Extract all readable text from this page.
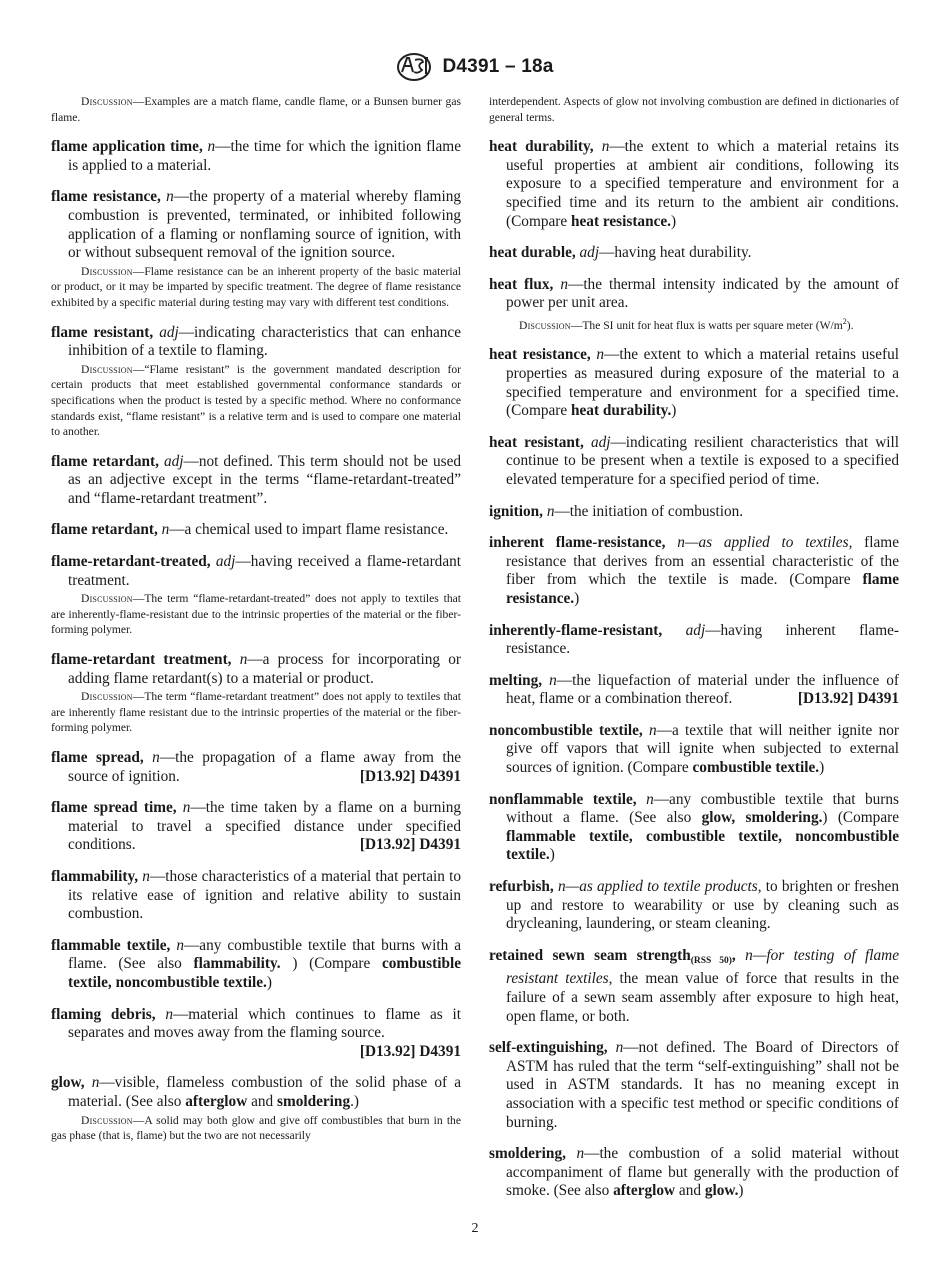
D4391 – 18a

Discussion—Examples are a match flame, candle flame, or a Bunsen burner gas flame.

flame application time, n—the time for which the ignition flame is applied to a material.

flame resistance, n—the property of a material whereby flaming combustion is prevented, terminated, or inhibited following application of a flaming or nonflaming source of ignition, with or without subsequent removal of the ignition source.

Discussion—Flame resistance can be an inherent property of the basic material or product, or it may be imparted by specific treatment. The degree of flame resistance exhibited by a specific material during testing may vary with different test conditions.

flame resistant, adj—indicating characteristics that can enhance inhibition of a textile to flaming.

Discussion—“Flame resistant” is the government mandated description for certain products that meet established governmental conformance standards or specifications when the product is tested by a specific method. Where no conformance standards exist, “flame resistant” is a relative term and is used to compare one material to another.

flame retardant, adj—not defined. This term should not be used as an adjective except in the terms “flame-retardant-treated” and “flame-retardant treatment”.

flame retardant, n—a chemical used to impart flame resistance.

flame-retardant-treated, adj—having received a flame-retardant treatment.

Discussion—The term “flame-retardant-treated” does not apply to textiles that are inherently-flame-resistant due to the intrinsic properties of the material or the fiber-forming polymer.

flame-retardant treatment, n—a process for incorporating or adding flame retardant(s) to a material or product.

Discussion—The term “flame-retardant treatment” does not apply to textiles that are inherently flame resistant due to the intrinsic properties of the material or the fiber-forming polymer.

flame spread, n—the propagation of a flame away from the source of ignition.	[D13.92] D4391

flame spread time, n—the time taken by a flame on a burning material to travel a specified distance under specified conditions.	[D13.92] D4391

flammability, n—those characteristics of a material that pertain to its relative ease of ignition and relative ability to sustain combustion.

flammable textile, n—any combustible textile that burns with a flame. (See also flammability. ) (Compare combustible textile, noncombustible textile.)

flaming debris, n—material which continues to flame as it separates and moves away from the flaming source.
[D13.92] D4391

glow, n—visible, flameless combustion of the solid phase of a material. (See also afterglow and smoldering.)

Discussion—A solid may both glow and give off combustibles that burn in the gas phase (that is, flame) but the two are not necessarily

interdependent. Aspects of glow not involving combustion are defined in dictionaries of general terms.

heat durability, n—the extent to which a material retains its useful properties at ambient air conditions, following its exposure to a specified temperature and environment for a specified time and its return to the ambient air conditions. (Compare heat resistance.)

heat durable, adj—having heat durability.

heat flux, n—the thermal intensity indicated by the amount of power per unit area.

Discussion—The SI unit for heat flux is watts per square meter $(W/m^2)$.

heat resistance, n—the extent to which a material retains useful properties as measured during exposure of the material to a specified temperature and environment for a specified time. (Compare heat durability.)

heat resistant, adj—indicating resilient characteristics that will continue to be present when a textile is exposed to a specified elevated temperature for a specified period of time.

ignition, n—the initiation of combustion.

inherent flame-resistance, n—as applied to textiles, flame resistance that derives from an essential characteristic of the fiber from which the textile is made. (Compare flame resistance.)

inherently-flame-resistant, adj—having inherent flame-resistance.

melting, n—the liquefaction of material under the influence of heat, flame or a combination thereof.	[D13.92] D4391

noncombustible textile, n—a textile that will neither ignite nor give off vapors that will ignite when subjected to external sources of ignition. (Compare combustible textile.)

nonflammable textile, n—any combustible textile that burns without a flame. (See also glow, smoldering.) (Compare flammable textile, combustible textile, noncombustible textile.)

refurbish, n—as applied to textile products, to brighten or freshen up and restore to wearability or use by cleaning such as drycleaning, laundering, or steam cleaning.

retained sewn seam strength$_{(RSS 50)}$, n—for testing of flame resistant textiles, the mean value of force that results in the failure of a sewn seam assembly after exposure to high heat, open flame, or both.

self-extinguishing, n—not defined. The Board of Directors of ASTM has ruled that the term “self-extinguishing” shall not be used in ASTM standards. It has no meaning except in association with a specific test method or specific conditions of burning.

smoldering, n—the combustion of a solid material without accompaniment of flame but generally with the production of smoke. (See also afterglow and glow.)

2
